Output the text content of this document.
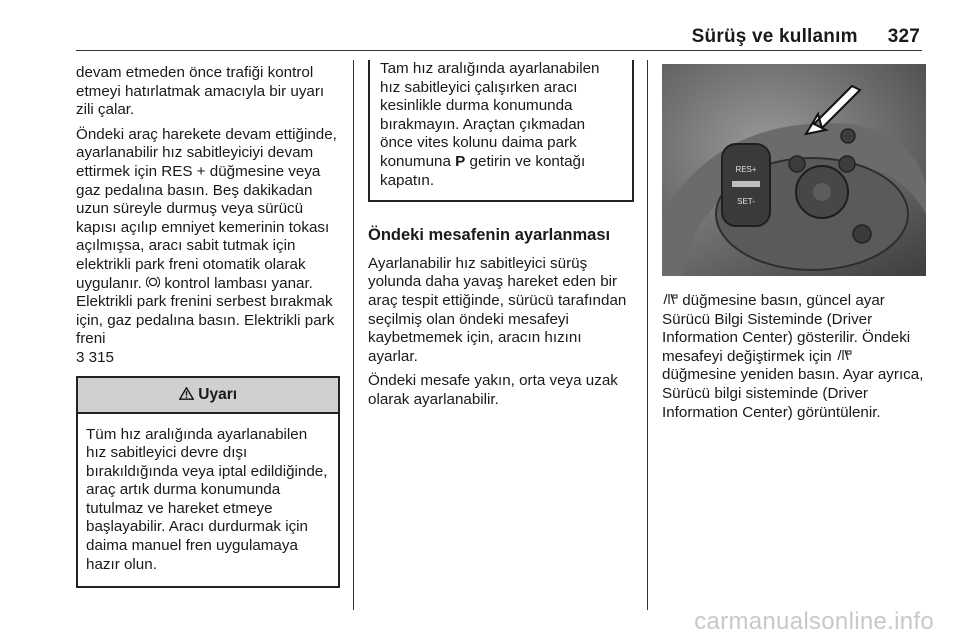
Sürüş ve kullanım 327

devam etmeden önce trafiği kontrol etmeyi hatırlatmak amacıyla bir uyarı zili çalar.

Öndeki araç harekete devam ettiğinde, ayarlanabilir hız sabitleyiciyi devam ettirmek için RES + düğmesine veya gaz pedalına basın. Beş dakikadan uzun süreyle durmuş veya sürücü kapısı açılıp emniyet kemerinin tokası açılmışsa, aracı sabit tutmak için elektrikli park freni otomatik olarak uygulanır. kontrol lambası yanar. Elektrikli park frenini serbest bırakmak için, gaz pedalına basın. Elektrikli park freni
3 315

Uyarı
Tüm hız aralığında ayarlanabilen hız sabitleyici devre dışı bırakıldığında veya iptal edildiğinde, araç artık durma konumunda tutulmaz ve hareket etmeye başlayabilir. Aracı durdurmak için daima manuel fren uygulamaya hazır olun.
Tam hız aralığında ayarlanabilen hız sabitleyici çalışırken aracı kesinlikle durma konumunda bırakmayın. Araçtan çıkmadan önce vites kolunu daima park konumuna P getirin ve kontağı kapatın.
Öndeki mesafenin ayarlanması

Ayarlanabilir hız sabitleyici sürüş yolunda daha yavaş hareket eden bir araç tespit ettiğinde, sürücü tarafından seçilmiş olan öndeki mesafeyi kaybetmemek için, aracın hızını ayarlar.

Öndeki mesafe yakın, orta veya uzak olarak ayarlanabilir.

RES+
SET-

düğmesine basın, güncel ayar Sürücü Bilgi Sisteminde (Driver Information Center) gösterilir. Öndeki mesafeyi değiştirmek için  düğmesine yeniden basın. Ayar ayrıca, Sürücü bilgi sisteminde (Driver Information Center) görüntülenir.

carmanualsonline.info
